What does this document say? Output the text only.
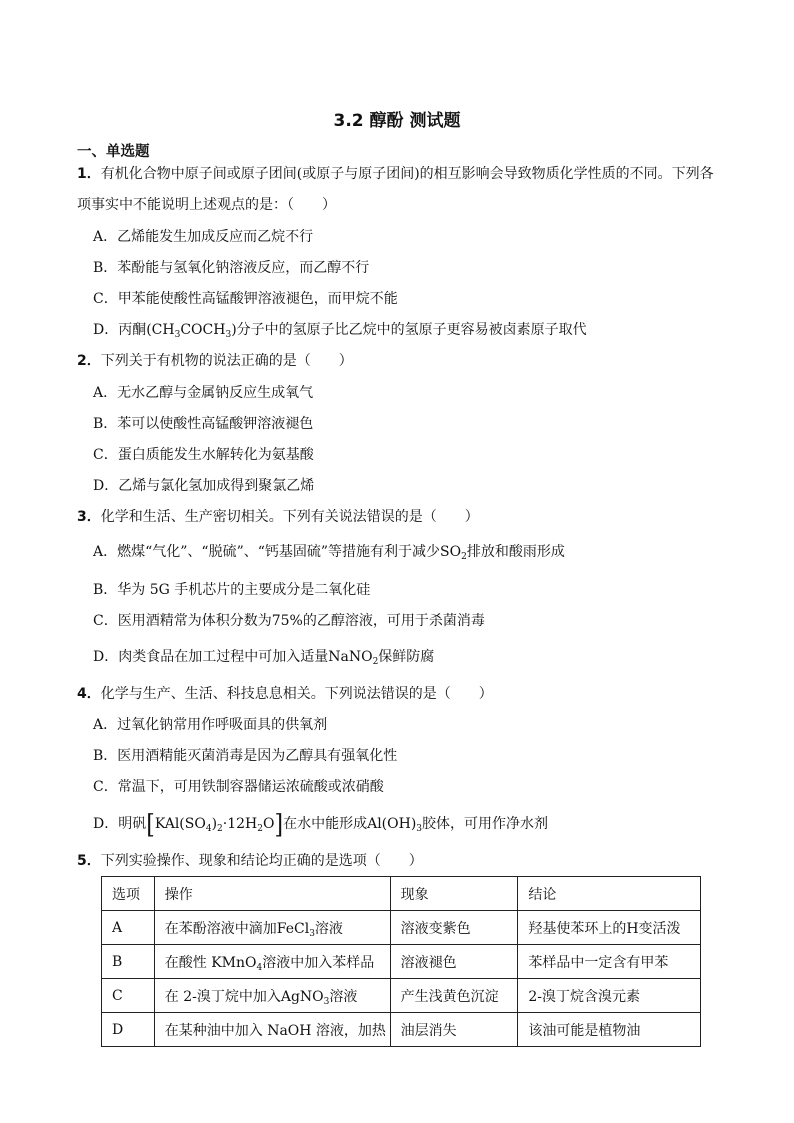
3.2 醇酚 测试题
一、单选题
1．有机化合物中原子间或原子团间(或原子与原子团间)的相互影响会导致物质化学性质的不同。下列各
项事实中不能说明上述观点的是：（　　）
A．乙烯能发生加成反应而乙烷不行
B．苯酚能与氢氧化钠溶液反应，而乙醇不行
C．甲苯能使酸性高锰酸钾溶液褪色，而甲烷不能
D．丙酮$(CH_3COCH_3)$分子中的氢原子比乙烷中的氢原子更容易被卤素原子取代
2．下列关于有机物的说法正确的是（　　）
A．无水乙醇与金属钠反应生成氧气
B．苯可以使酸性高锰酸钾溶液褪色
C．蛋白质能发生水解转化为氨基酸
D．乙烯与氯化氢加成得到聚氯乙烯
3．化学和生活、生产密切相关。下列有关说法错误的是（　　）
A．燃煤“气化”、“脱硫”、“钙基固硫”等措施有利于减少$SO_2$排放和酸雨形成
B．华为 5G 手机芯片的主要成分是二氧化硅
C．医用酒精常为体积分数为75%的乙醇溶液，可用于杀菌消毒
D．肉类食品在加工过程中可加入适量NaNO$_2$保鲜防腐
4．化学与生产、生活、科技息息相关。下列说法错误的是（　　）
A．过氧化钠常用作呼吸面具的供氧剂
B．医用酒精能灭菌消毒是因为乙醇具有强氧化性
C．常温下，可用铁制容器储运浓硫酸或浓硝酸
D．明矾$[KAl(SO_4)_2\cdot 12H_2O]$在水中能形成$Al(OH)_3$胶体，可用作净水剂
5．下列实验操作、现象和结论均正确的是选项（　　）
选项	操作	现象	结论
A	在苯酚溶液中滴加FeCl$_3$溶液	溶液变紫色	羟基使苯环上的H变活泼
B	在酸性 KMnO$_4$溶液中加入苯样品	溶液褪色	苯样品中一定含有甲苯
C	在 2-溴丁烷中加入AgNO$_3$溶液	产生浅黄色沉淀	2-溴丁烷含溴元素
D	在某种油中加入 NaOH 溶液，加热	油层消失	该油可能是植物油
